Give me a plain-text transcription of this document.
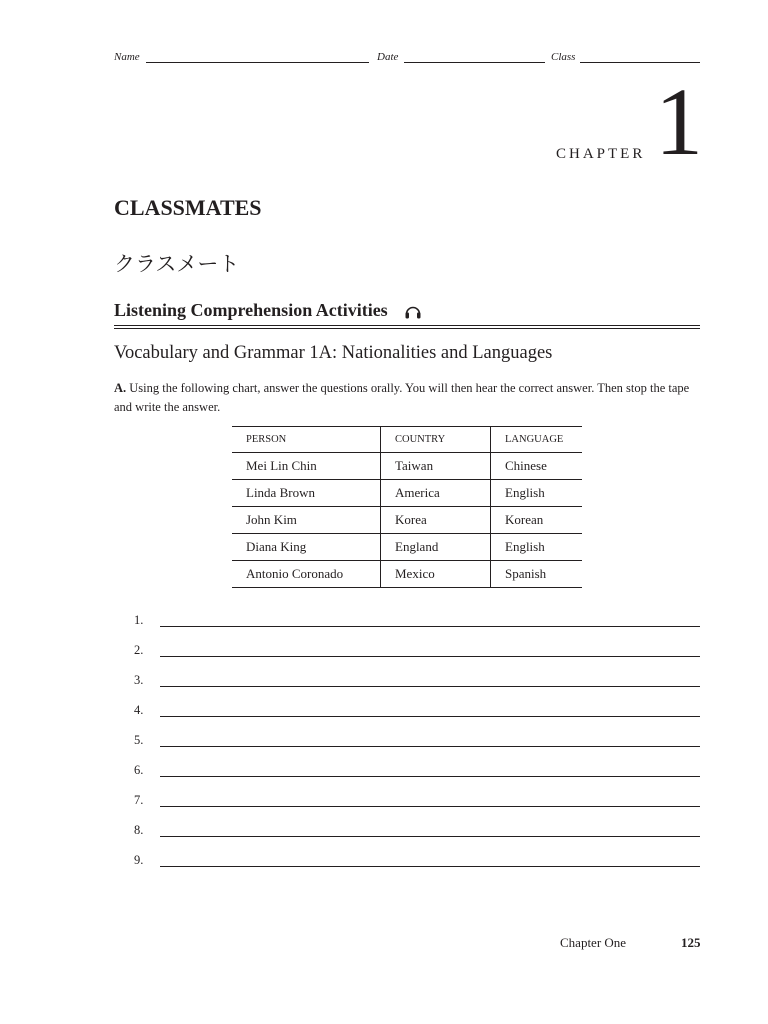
Name	Date	Class
CHAPTER 1
CLASSMATES
クラスメート
Listening Comprehension Activities
Vocabulary and Grammar 1A: Nationalities and Languages
A. Using the following chart, answer the questions orally. You will then hear the correct answer. Then stop the tape and write the answer.
PERSON	COUNTRY	LANGUAGE
Mei Lin Chin	Taiwan	Chinese
Linda Brown	America	English
John Kim	Korea	Korean
Diana King	England	English
Antonio Coronado	Mexico	Spanish
1.
2.
3.
4.
5.
6.
7.
8.
9.
Chapter One	125
